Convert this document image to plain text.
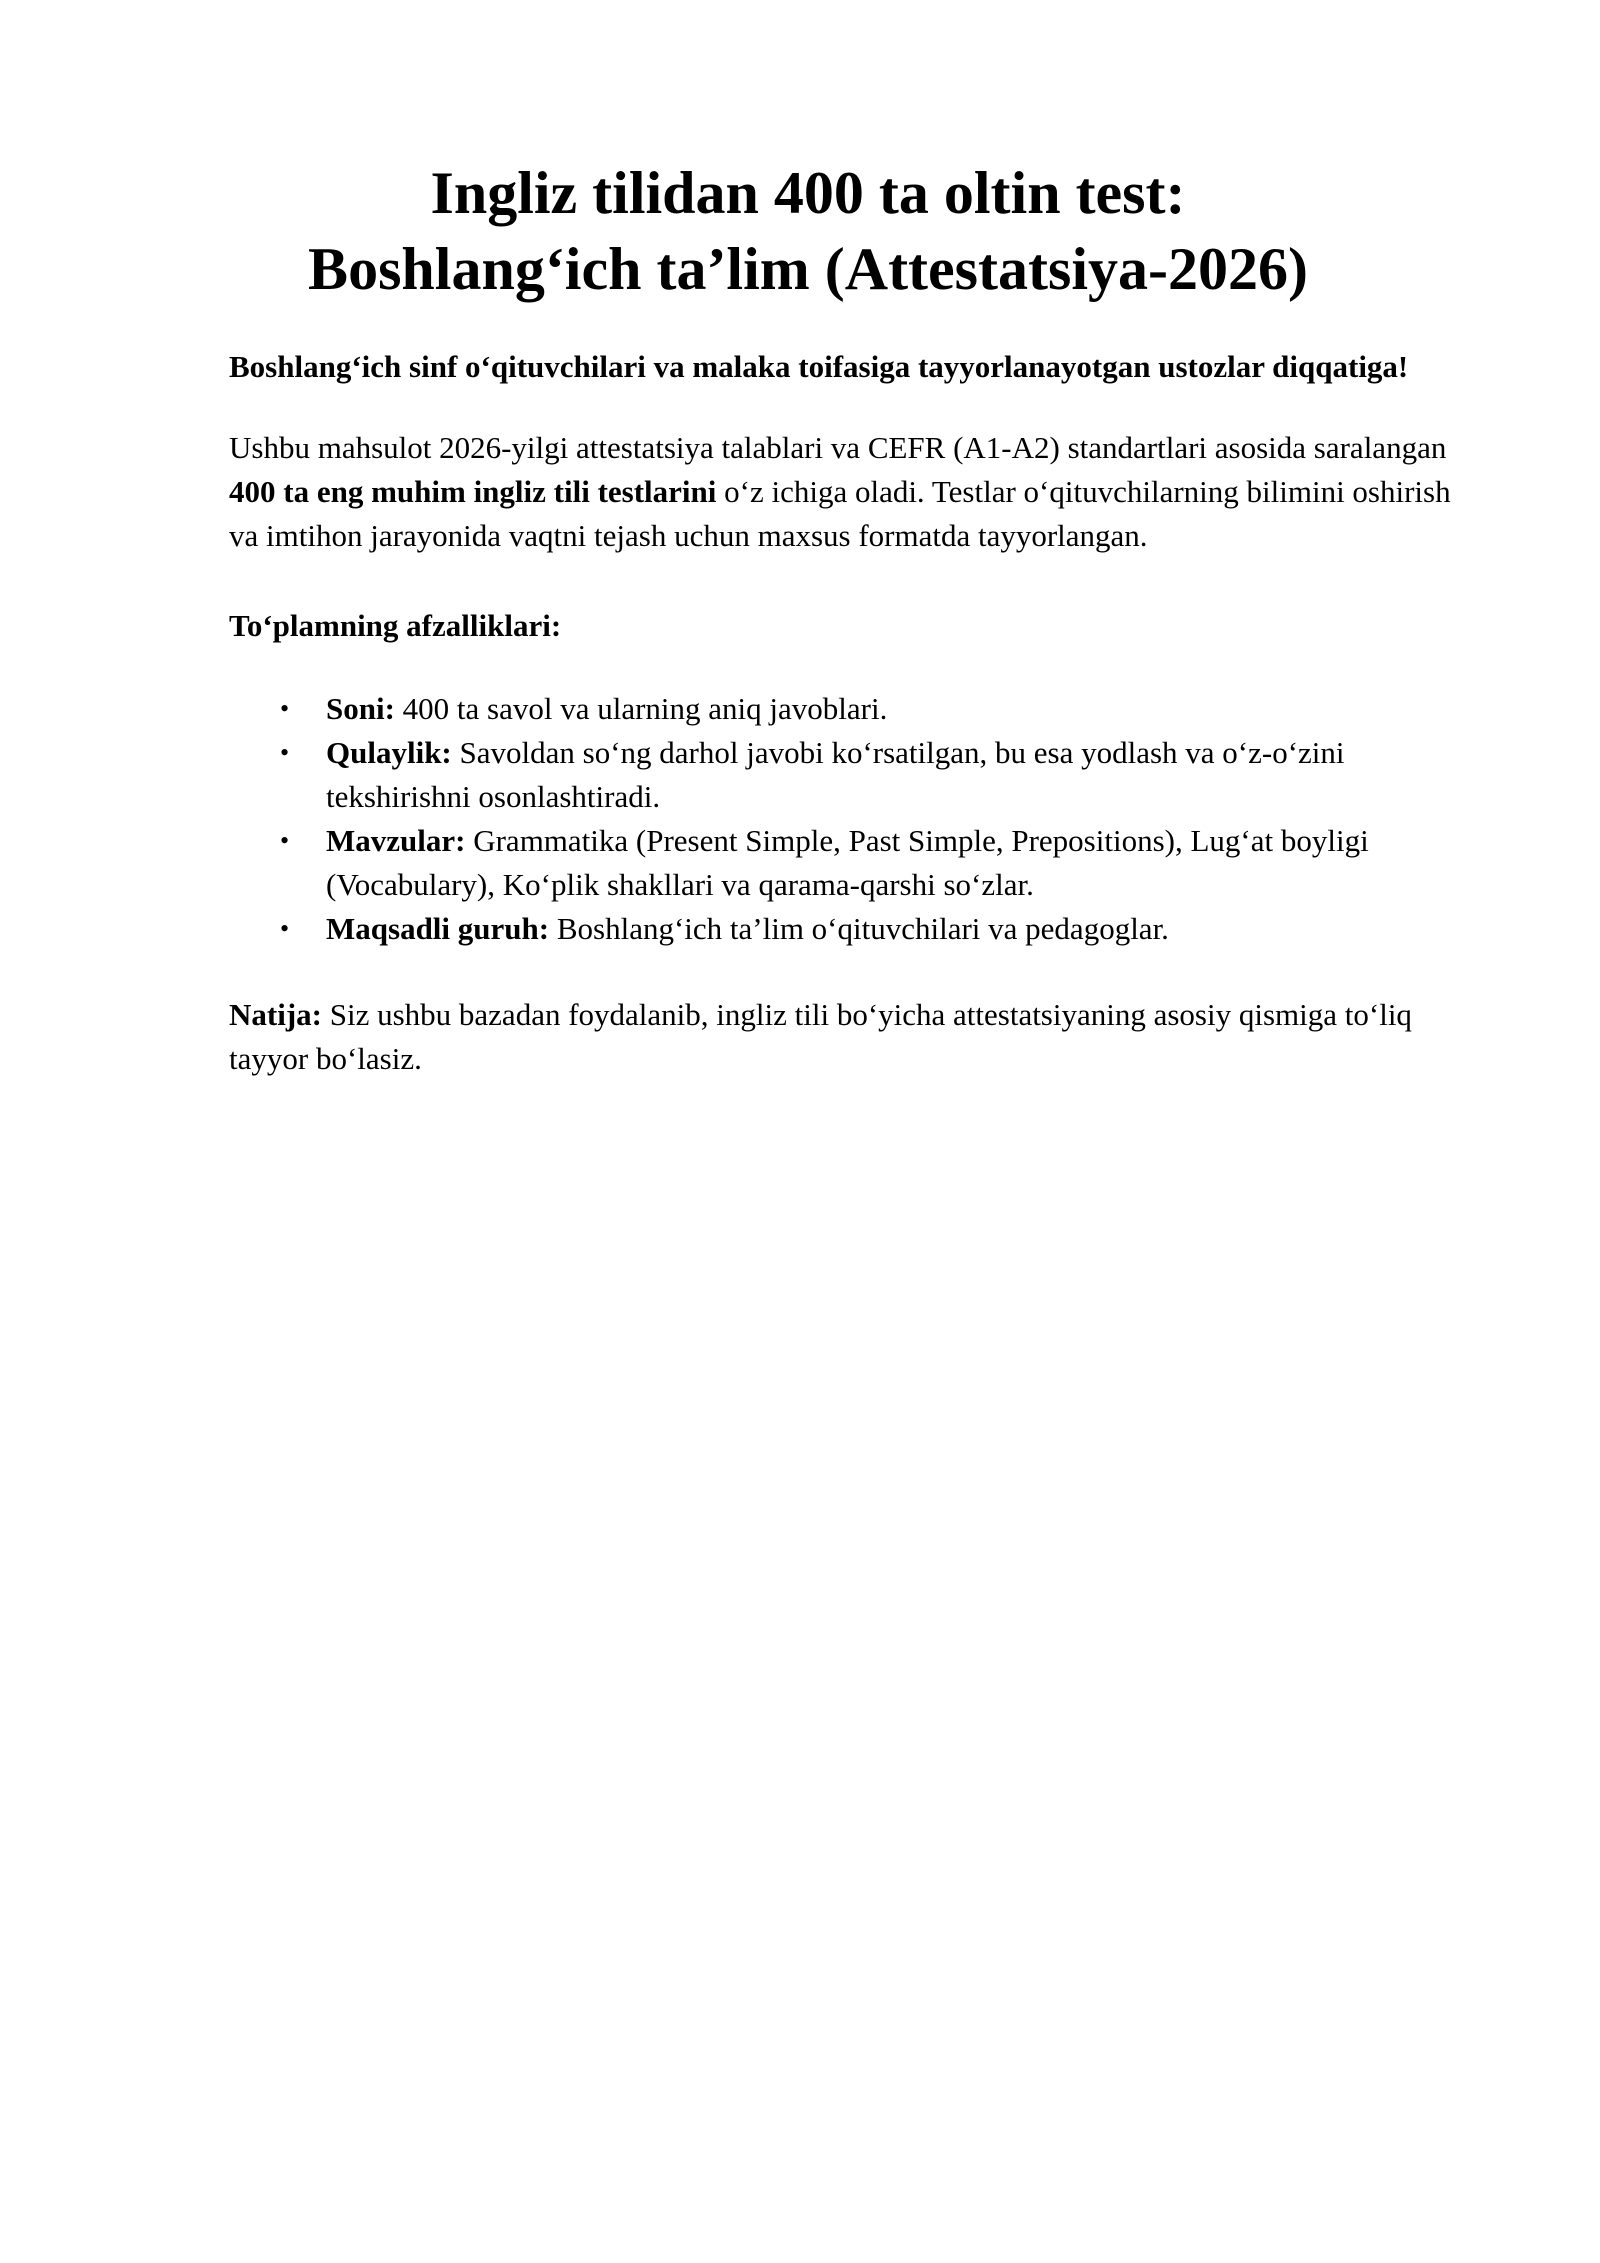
Ingliz tilidan 400 ta oltin test:
Boshlang‘ich ta’lim (Attestatsiya-2026)

Boshlang‘ich sinf o‘qituvchilari va malaka toifasiga tayyorlanayotgan ustozlar diqqatiga!

Ushbu mahsulot 2026-yilgi attestatsiya talablari va CEFR (A1-A2) standartlari asosida saralangan 400 ta eng muhim ingliz tili testlarini o‘z ichiga oladi. Testlar o‘qituvchilarning bilimini oshirish va imtihon jarayonida vaqtni tejash uchun maxsus formatda tayyorlangan.

To‘plamning afzalliklari:

• Soni: 400 ta savol va ularning aniq javoblari.
• Qulaylik: Savoldan so‘ng darhol javobi ko‘rsatilgan, bu esa yodlash va o‘z-o‘zini tekshirishni osonlashtiradi.
• Mavzular: Grammatika (Present Simple, Past Simple, Prepositions), Lug‘at boyligi (Vocabulary), Ko‘plik shakllari va qarama-qarshi so‘zlar.
• Maqsadli guruh: Boshlang‘ich ta’lim o‘qituvchilari va pedagoglar.

Natija: Siz ushbu bazadan foydalanib, ingliz tili bo‘yicha attestatsiyaning asosiy qismiga to‘liq tayyor bo‘lasiz.
